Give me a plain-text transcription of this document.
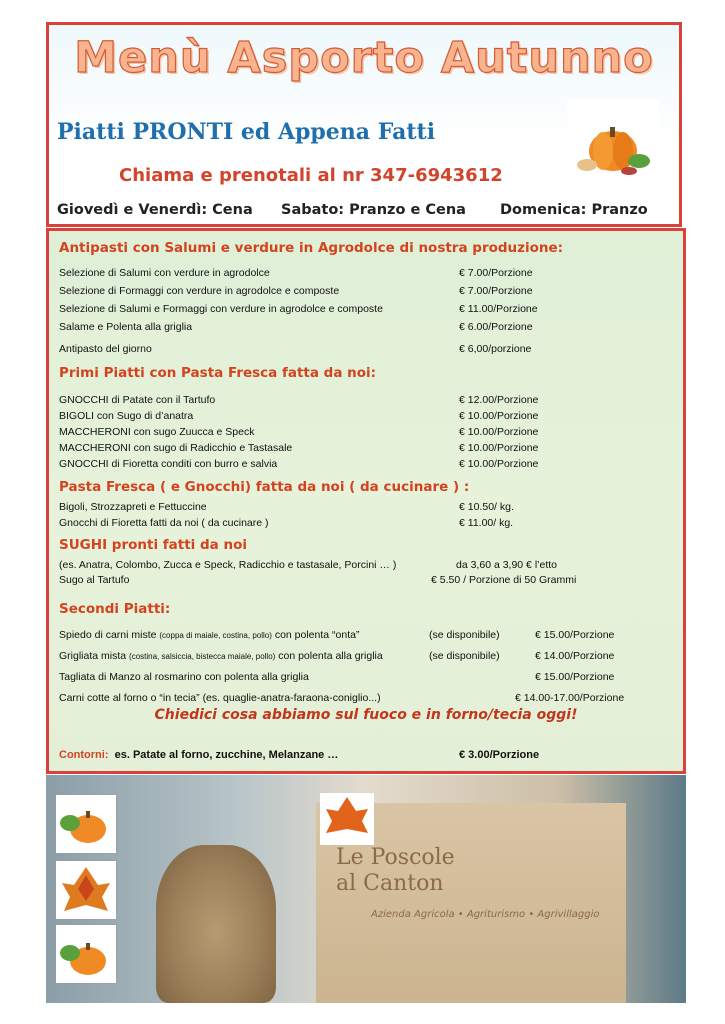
Menù Asporto Autunno
Piatti PRONTI ed Appena Fatti
Chiama e prenotali al nr 347-6943612
Giovedì e Venerdì: Cena Sabato: Pranzo e Cena Domenica: Pranzo
Antipasti con Salumi e verdure in Agrodolce di nostra produzione:
Selezione di Salumi con verdure in agrodolce	€ 7.00/Porzione
Selezione di Formaggi con verdure in agrodolce e composte	€ 7.00/Porzione
Selezione di Salumi e Formaggi con verdure in agrodolce e composte	€ 11.00/Porzione
Salame e Polenta alla griglia	€ 6.00/Porzione
Antipasto del giorno	€ 6,00/porzione
Primi Piatti con Pasta Fresca fatta da noi:
GNOCCHI di Patate con il Tartufo	€ 12.00/Porzione
BIGOLI con Sugo di d’anatra	€ 10.00/Porzione
MACCHERONI con sugo Zuucca e Speck	€ 10.00/Porzione
MACCHERONI con sugo di Radicchio e Tastasale	€ 10.00/Porzione
GNOCCHI di Fioretta conditi con burro e salvia	€ 10.00/Porzione
Pasta Fresca ( e Gnocchi) fatta da noi ( da cucinare ) :
Bigoli, Strozzapreti e Fettuccine	€ 10.50/ kg.
Gnocchi di Fioretta fatti da noi ( da cucinare )	€ 11.00/ kg.
SUGHI pronti fatti da noi
(es. Anatra, Colombo, Zucca e Speck, Radicchio e tastasale, Porcini … )	da 3,60 a 3,90 € l’etto
Sugo al Tartufo	€ 5.50 / Porzione di 50 Grammi
Secondi Piatti:
Spiedo di carni miste (coppa di maiale, costina, pollo) con polenta “onta”	(se disponibile)	€ 15.00/Porzione
Grigliata mista (costina, salsiccia, bistecca maiale, pollo) con polenta alla griglia	(se disponibile)	€ 14.00/Porzione
Tagliata di Manzo al rosmarino con polenta alla griglia	€ 15.00/Porzione
Carni cotte al forno o “in tecia” (es. quaglie-anatra-faraona-coniglio...)	€ 14.00-17.00/Porzione
Chiedici cosa abbiamo sul fuoco e in forno/tecia oggi!
Contorni: es. Patate al forno, zucchine, Melanzane …	€ 3.00/Porzione
Le Poscole
al Canton
Azienda Agricola • Agriturismo • Agrivillaggio
